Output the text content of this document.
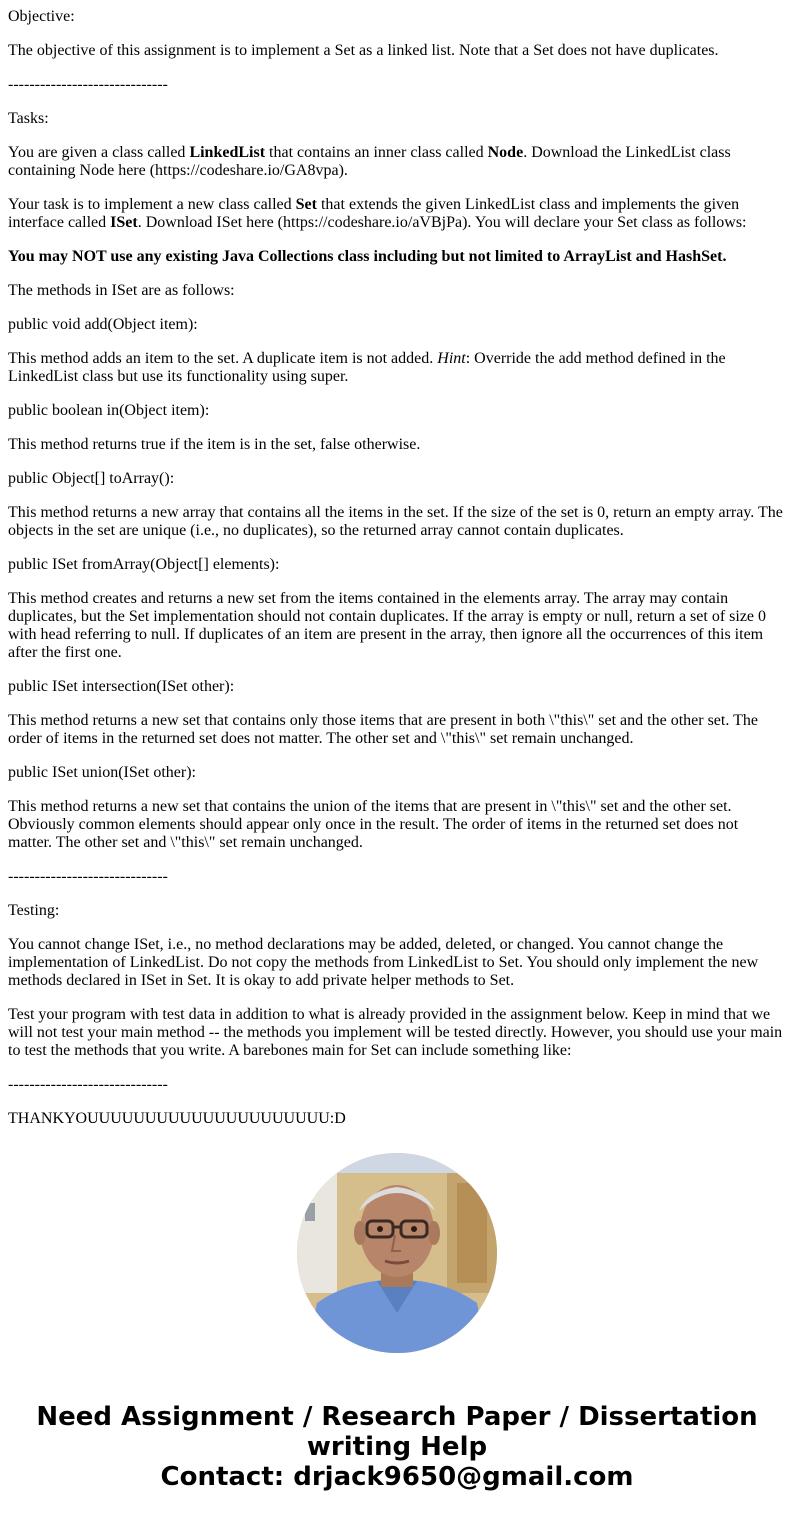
Objective:

The objective of this assignment is to implement a Set as a linked list. Note that a Set does not have duplicates.

------------------------------

Tasks:

You are given a class called LinkedList that contains an inner class called Node. Download the LinkedList class containing Node here (https://codeshare.io/GA8vpa).

Your task is to implement a new class called Set that extends the given LinkedList class and implements the given interface called ISet. Download ISet here (https://codeshare.io/aVBjPa). You will declare your Set class as follows:

You may NOT use any existing Java Collections class including but not limited to ArrayList and HashSet.

The methods in ISet are as follows:

public void add(Object item):

This method adds an item to the set. A duplicate item is not added. Hint: Override the add method defined in the LinkedList class but use its functionality using super.

public boolean in(Object item):

This method returns true if the item is in the set, false otherwise.

public Object[] toArray():

This method returns a new array that contains all the items in the set. If the size of the set is 0, return an empty array. The objects in the set are unique (i.e., no duplicates), so the returned array cannot contain duplicates.

public ISet fromArray(Object[] elements):

This method creates and returns a new set from the items contained in the elements array. The array may contain duplicates, but the Set implementation should not contain duplicates. If the array is empty or null, return a set of size 0 with head referring to null. If duplicates of an item are present in the array, then ignore all the occurrences of this item after the first one.

public ISet intersection(ISet other):

This method returns a new set that contains only those items that are present in both \"this\" set and the other set. The order of items in the returned set does not matter. The other set and \"this\" set remain unchanged.

public ISet union(ISet other):

This method returns a new set that contains the union of the items that are present in \"this\" set and the other set. Obviously common elements should appear only once in the result. The order of items in the returned set does not matter. The other set and \"this\" set remain unchanged.

------------------------------

Testing:

You cannot change ISet, i.e., no method declarations may be added, deleted, or changed. You cannot change the implementation of LinkedList. Do not copy the methods from LinkedList to Set. You should only implement the new methods declared in ISet in Set. It is okay to add private helper methods to Set.

Test your program with test data in addition to what is already provided in the assignment below. Keep in mind that we will not test your main method -- the methods you implement will be tested directly. However, you should use your main to test the methods that you write. A barebones main for Set can include something like:

------------------------------

THANKYOUUUUUUUUUUUUUUUUUUUUU:D

Need Assignment / Research Paper / Dissertation
writing Help
Contact: drjack9650@gmail.com
